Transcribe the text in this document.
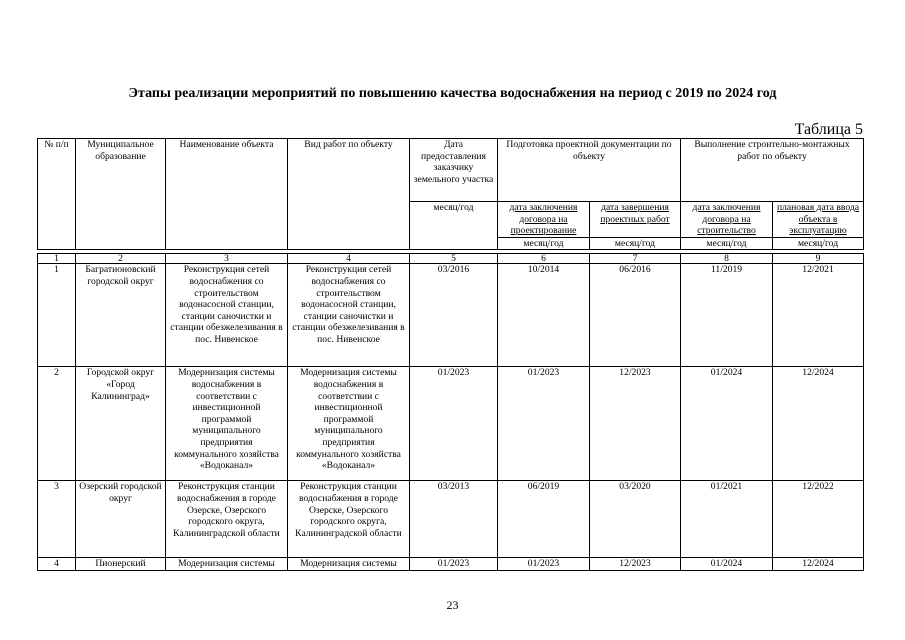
Этапы реализации мероприятий по повышению качества водоснабжения на период с 2019 по 2024 год
Таблица 5
№ п/п	Муниципальное образование	Наименование объекта	Вид работ по объекту	Дата предоставления заказчику земельного участка	Подготовка проектной документации по объекту		Выполнение строительно-монтажных работ по объекту	
				месяц/год	дата заключения договора на проектирование	дата завершения проектных работ	дата заключения договора на строительство	плановая дата ввода объекта в эксплуатацию
					месяц/год	месяц/год	месяц/год	месяц/год

1	2	3	4	5	6	7	8	9
1	Багратионовский городской округ	Реконструкция сетей водоснабжения со строительством водонасосной станции, станции саночистки и станции обезжелезивания в пос. Нивенское	Реконструкция сетей водоснабжения со строительством водонасосной станции, станции саночистки и станции обезжелезивания в пос. Нивенское	03/2016	10/2014	06/2016	11/2019	12/2021
2	Городской округ «Город Калининград»	Модернизация системы водоснабжения в соответствии с инвестиционной программой муниципального предприятия коммунального хозяйства «Водоканал»	Модернизация системы водоснабжения в соответствии с инвестиционной программой муниципального предприятия коммунального хозяйства «Водоканал»	01/2023	01/2023	12/2023	01/2024	12/2024
3	Озерский городской округ	Реконструкция станции водоснабжения в городе Озерске, Озерского городского округа, Калининградской области	Реконструкция станции водоснабжения в городе Озерске, Озерского городского округа, Калининградской области	03/2013	06/2019	03/2020	01/2021	12/2022
4	Пионерский	Модернизация системы	Модернизация системы	01/2023	01/2023	12/2023	01/2024	12/2024
23
